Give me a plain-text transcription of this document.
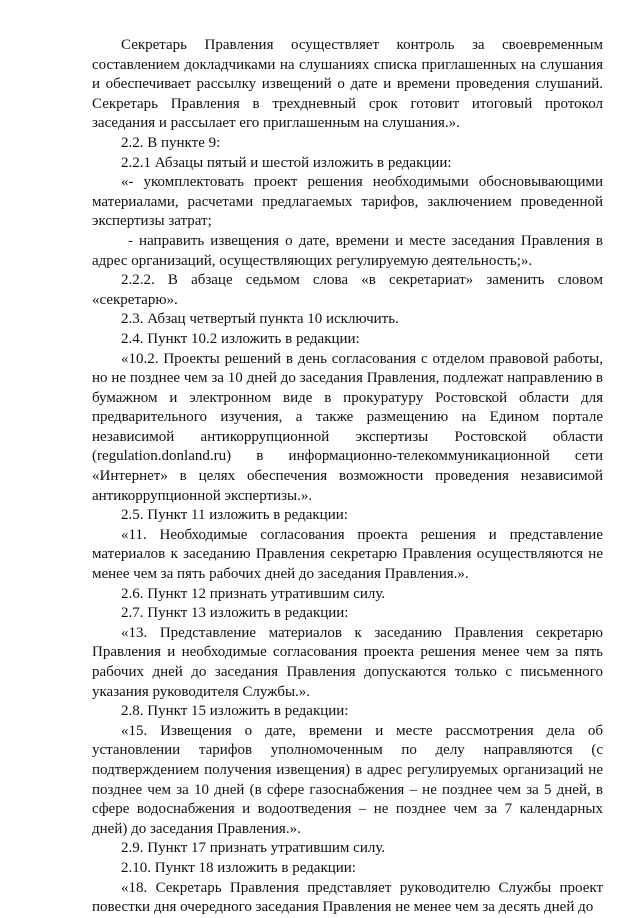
Секретарь Правления осуществляет контроль за своевременным составлением докладчиками на слушаниях списка приглашенных на слушания и обеспечивает рассылку извещений о дате и времени проведения слушаний. Секретарь Правления в трехдневный срок готовит итоговый протокол заседания и рассылает его приглашенным на слушания.».

2.2. В пункте 9:

2.2.1 Абзацы пятый и шестой изложить в редакции:

«- укомплектовать проект решения необходимыми обосновывающими материалами, расчетами предлагаемых тарифов, заключением проведенной экспертизы затрат;

- направить извещения о дате, времени и месте заседания Правления в адрес организаций, осуществляющих регулируемую деятельность;».

2.2.2. В абзаце седьмом слова «в секретариат» заменить словом «секретарю».

2.3. Абзац четвертый пункта 10 исключить.

2.4. Пункт 10.2 изложить в редакции:

«10.2. Проекты решений в день согласования с отделом правовой работы, но не позднее чем за 10 дней до заседания Правления, подлежат направлению в бумажном и электронном виде в прокуратуру Ростовской области для предварительного изучения, а также размещению на Едином портале независимой антикоррупционной экспертизы Ростовской области (regulation.donland.ru) в информационно-телекоммуникационной сети «Интернет» в целях обеспечения возможности проведения независимой антикоррупционной экспертизы.».

2.5. Пункт 11 изложить в редакции:

«11. Необходимые согласования проекта решения и представление материалов к заседанию Правления секретарю Правления осуществляются не менее чем за пять рабочих дней до заседания Правления.».

2.6. Пункт 12 признать утратившим силу.

2.7. Пункт 13 изложить в редакции:

«13. Представление материалов к заседанию Правления секретарю Правления и необходимые согласования проекта решения менее чем за пять рабочих дней до заседания Правления допускаются только с письменного указания руководителя Службы.».

2.8. Пункт 15 изложить в редакции:

«15. Извещения о дате, времени и месте рассмотрения дела об установлении тарифов уполномоченным по делу направляются (с подтверждением получения извещения) в адрес регулируемых организаций не позднее чем за 10 дней (в сфере газоснабжения – не позднее чем за 5 дней, в сфере водоснабжения и водоотведения – не позднее чем за 7 календарных дней) до заседания Правления.».

2.9. Пункт 17 признать утратившим силу.

2.10. Пункт 18 изложить в редакции:

«18. Секретарь Правления представляет руководителю Службы проект повестки дня очередного заседания Правления не менее чем за десять дней до
